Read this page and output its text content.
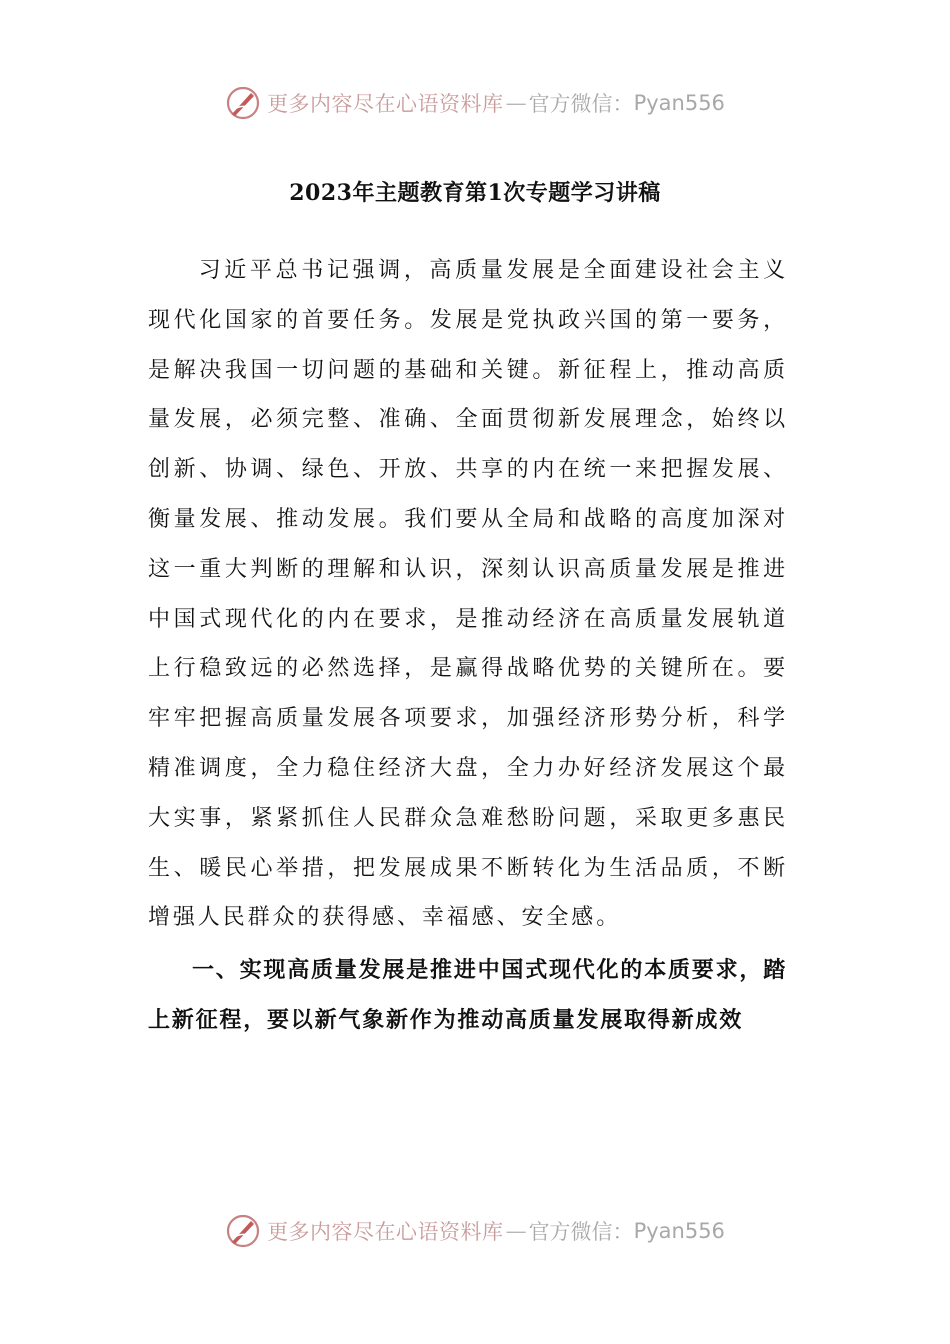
更多内容尽在心语资料库 — 官方微信： Pyan556
2023年主题教育第1次专题学习讲稿

习近平总书记强调，高质量发展是全面建设社会主义现代化国家的首要任务。发展是党执政兴国的第一要务，是解决我国一切问题的基础和关键。新征程上，推动高质量发展，必须完整、准确、全面贯彻新发展理念，始终以创新、协调、绿色、开放、共享的内在统一来把握发展、衡量发展、推动发展。我们要从全局和战略的高度加深对这一重大判断的理解和认识，深刻认识高质量发展是推进中国式现代化的内在要求，是推动经济在高质量发展轨道上行稳致远的必然选择，是赢得战略优势的关键所在。要牢牢把握高质量发展各项要求，加强经济形势分析，科学精准调度，全力稳住经济大盘，全力办好经济发展这个最大实事，紧紧抓住人民群众急难愁盼问题，采取更多惠民生、暖民心举措，把发展成果不断转化为生活品质，不断增强人民群众的获得感、幸福感、安全感。

一、实现高质量发展是推进中国式现代化的本质要求，踏上新征程，要以新气象新作为推动高质量发展取得新成效

更多内容尽在心语资料库 — 官方微信： Pyan556
